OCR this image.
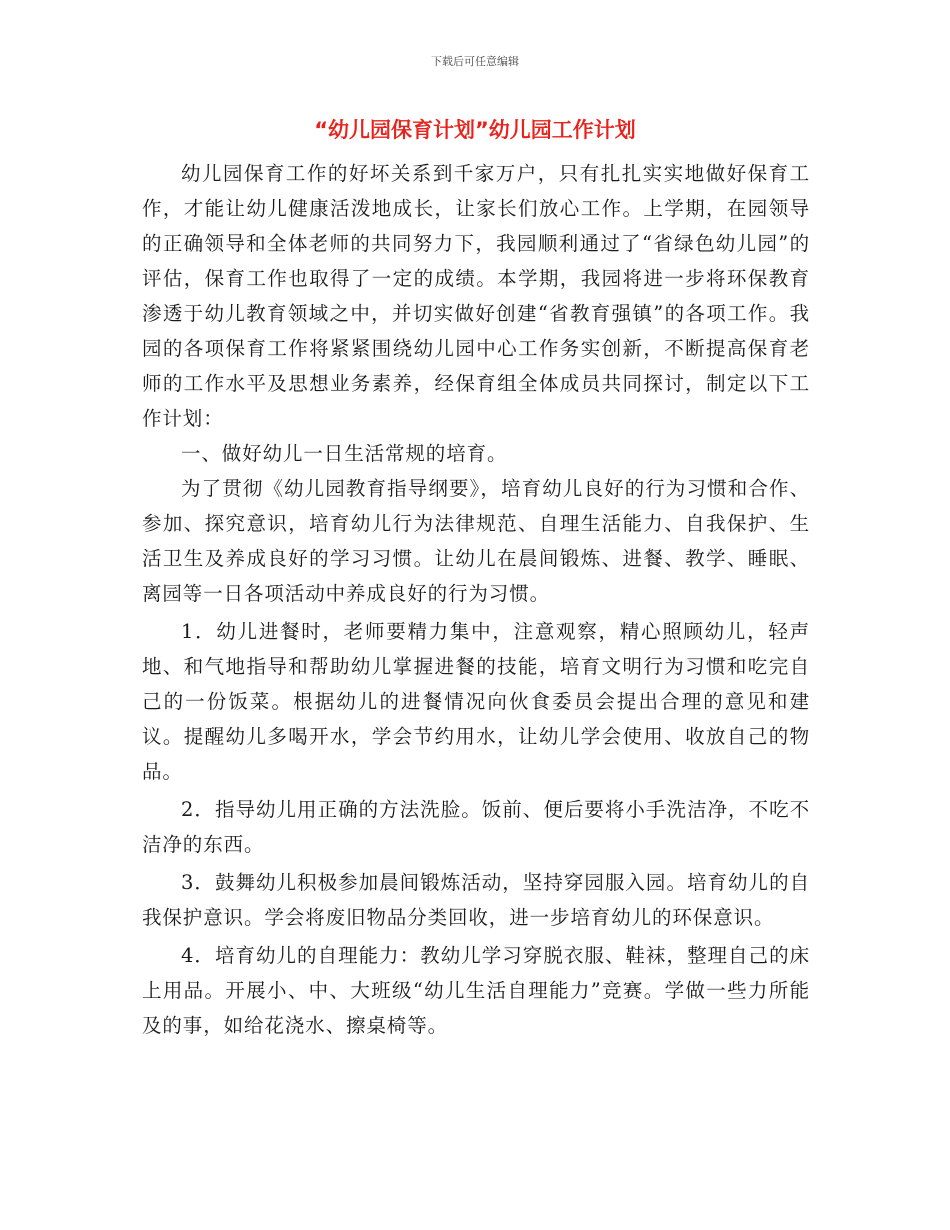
下载后可任意编辑
“幼儿园保育计划”幼儿园工作计划

幼儿园保育工作的好坏关系到千家万户，只有扎扎实实地做好保育工作，才能让幼儿健康活泼地成长，让家长们放心工作。上学期，在园领导的正确领导和全体老师的共同努力下，我园顺利通过了“省绿色幼儿园”的评估，保育工作也取得了一定的成绩。本学期，我园将进一步将环保教育渗透于幼儿教育领域之中，并切实做好创建“省教育强镇”的各项工作。我园的各项保育工作将紧紧围绕幼儿园中心工作务实创新，不断提高保育老师的工作水平及思想业务素养，经保育组全体成员共同探讨，制定以下工作计划：

一、做好幼儿一日生活常规的培育。

为了贯彻《幼儿园教育指导纲要》，培育幼儿良好的行为习惯和合作、参加、探究意识，培育幼儿行为法律规范、自理生活能力、自我保护、生活卫生及养成良好的学习习惯。让幼儿在晨间锻炼、进餐、教学、睡眠、离园等一日各项活动中养成良好的行为习惯。

1．幼儿进餐时，老师要精力集中，注意观察，精心照顾幼儿，轻声地、和气地指导和帮助幼儿掌握进餐的技能，培育文明行为习惯和吃完自己的一份饭菜。根据幼儿的进餐情况向伙食委员会提出合理的意见和建议。提醒幼儿多喝开水，学会节约用水，让幼儿学会使用、收放自己的物品。

2．指导幼儿用正确的方法洗脸。饭前、便后要将小手洗洁净，不吃不洁净的东西。

3．鼓舞幼儿积极参加晨间锻炼活动，坚持穿园服入园。培育幼儿的自我保护意识。学会将废旧物品分类回收，进一步培育幼儿的环保意识。

4．培育幼儿的自理能力：教幼儿学习穿脱衣服、鞋袜，整理自己的床上用品。开展小、中、大班级“幼儿生活自理能力”竞赛。学做一些力所能及的事，如给花浇水、擦桌椅等。
